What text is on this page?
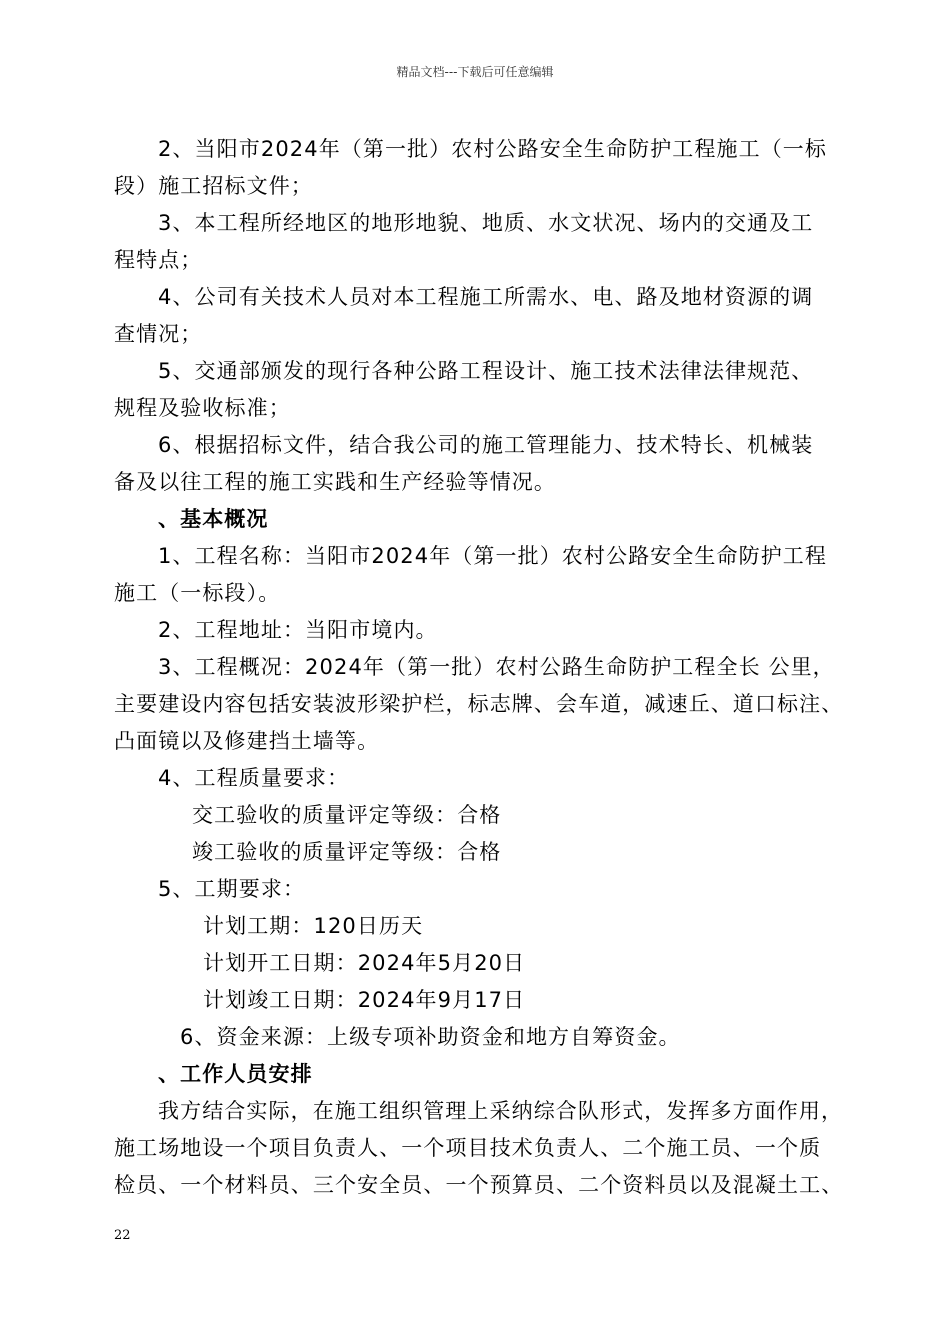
精品文档---下载后可任意编辑
2、当阳市2024年（第一批）农村公路安全生命防护工程施工（一标
段）施工招标文件；
3、本工程所经地区的地形地貌、地质、水文状况、场内的交通及工
程特点；
4、公司有关技术人员对本工程施工所需水、电、路及地材资源的调
查情况；
5、交通部颁发的现行各种公路工程设计、施工技术法律法律规范、
规程及验收标准；
6、根据招标文件，结合我公司的施工管理能力、技术特长、机械装
备及以往工程的施工实践和生产经验等情况。
、基本概况
1、工程名称：当阳市2024年（第一批）农村公路安全生命防护工程
施工（一标段）。
2、工程地址：当阳市境内。
3、工程概况：2024年（第一批）农村公路生命防护工程全长 公里，
主要建设内容包括安装波形梁护栏，标志牌、会车道，减速丘、道口标注、
凸面镜以及修建挡土墙等。
4、工程质量要求：
交工验收的质量评定等级：合格
竣工验收的质量评定等级：合格
5、工期要求：
计划工期：120日历天
计划开工日期：2024年5月20日
计划竣工日期：2024年9月17日
6、资金来源：上级专项补助资金和地方自筹资金。
、工作人员安排
我方结合实际，在施工组织管理上采纳综合队形式，发挥多方面作用，
施工场地设一个项目负责人、一个项目技术负责人、二个施工员、一个质
检员、一个材料员、三个安全员、一个预算员、二个资料员以及混凝土工、
22
